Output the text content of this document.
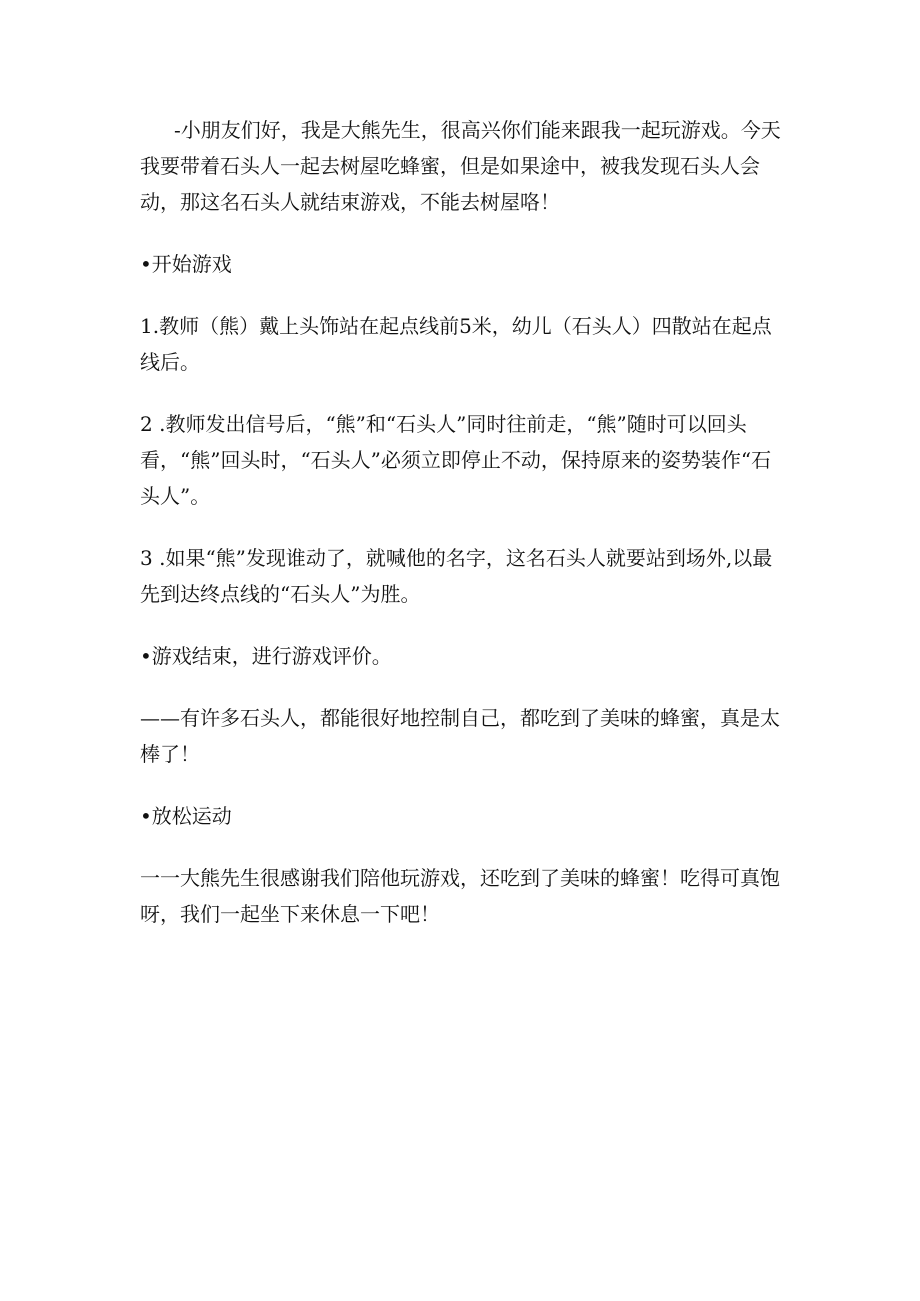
-小朋友们好，我是大熊先生，很高兴你们能来跟我一起玩游戏。今天我要带着石头人一起去树屋吃蜂蜜，但是如果途中，被我发现石头人会动，那这名石头人就结束游戏，不能去树屋咯！

•开始游戏

1.教师（熊）戴上头饰站在起点线前5米，幼儿（石头人）四散站在起点线后。

2 .教师发出信号后，“熊”和“石头人”同时往前走，“熊”随时可以回头看，“熊”回头时，“石头人”必须立即停止不动，保持原来的姿势装作“石头人”。

3 .如果“熊”发现谁动了，就喊他的名字，这名石头人就要站到场外,以最先到达终点线的“石头人”为胜。

•游戏结束，进行游戏评价。

——有许多石头人，都能很好地控制自己，都吃到了美味的蜂蜜，真是太棒了！

•放松运动

一一大熊先生很感谢我们陪他玩游戏，还吃到了美味的蜂蜜！吃得可真饱呀，我们一起坐下来休息一下吧！
